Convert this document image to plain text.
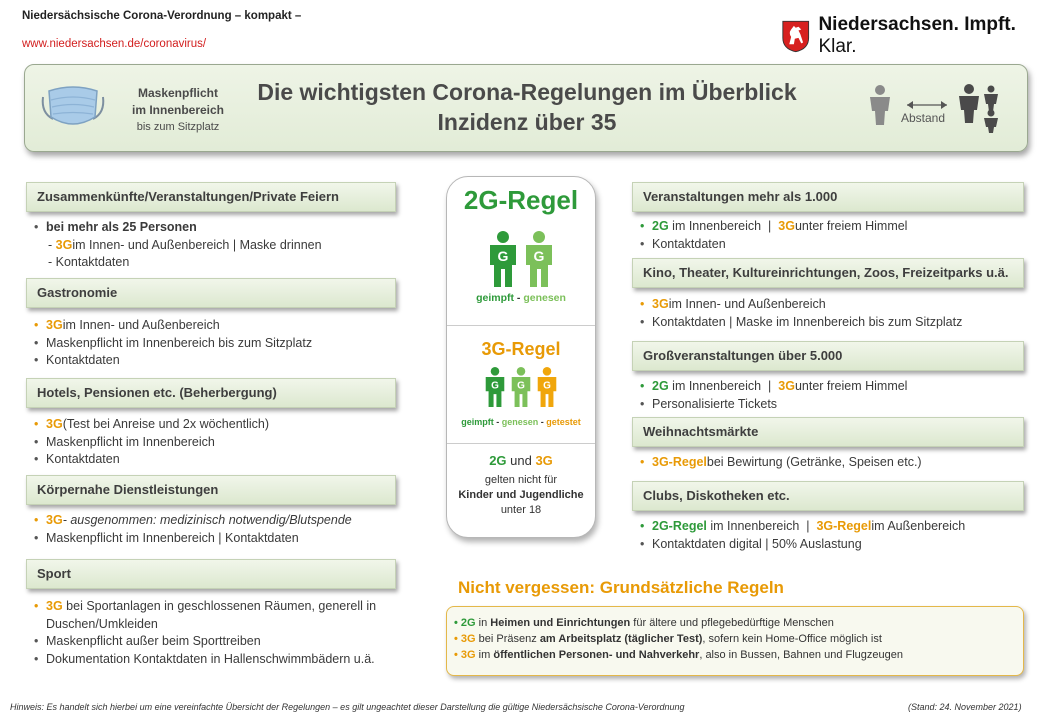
Niedersächsische Corona-Verordnung – kompakt –
www.niedersachsen.de/coronavirus/
Niedersachsen. Impft. Klar.
Maskenpflicht
im Innenbereich
bis zum Sitzplatz
Die wichtigsten Corona-Regelungen im Überblick
Inzidenz über 35	Abstand
Zusammenkünfte/Veranstaltungen/Private Feiern
• bei mehr als 25 Personen
- 3G im Innen- und Außenbereich | Maske drinnen
- Kontaktdaten
Gastronomie
• 3G im Innen- und Außenbereich
• Maskenpflicht im Innenbereich bis zum Sitzplatz
• Kontaktdaten
Hotels, Pensionen etc. (Beherbergung)
• 3G (Test bei Anreise und 2x wöchentlich)
• Maskenpflicht im Innenbereich
• Kontaktdaten
Körpernahe Dienstleistungen
• 3G - ausgenommen: medizinisch notwendig/Blutspende
• Maskenpflicht im Innenbereich | Kontaktdaten
Sport
• 3G bei Sportanlagen in geschlossenen Räumen, generell in
Duschen/Umkleiden
• Maskenpflicht außer beim Sporttreiben
• Dokumentation Kontaktdaten in Hallenschwimmbädern u.ä.
2G-Regel
G G
geimpft - genesen
3G-Regel
G G G
geimpft - genesen - getestet
2G und 3G
gelten nicht für
Kinder und Jugendliche
unter 18
Veranstaltungen mehr als 1.000
• 2G im Innenbereich  | 3G unter freiem Himmel
• Kontaktdaten
Kino, Theater, Kultureinrichtungen, Zoos, Freizeitparks u.ä.
• 3G im Innen- und Außenbereich
• Kontaktdaten | Maske im Innenbereich bis zum Sitzplatz
Großveranstaltungen über 5.000
• 2G im Innenbereich  | 3G unter freiem Himmel
• Personalisierte Tickets
Weihnachtsmärkte
• 3G-Regel bei Bewirtung (Getränke, Speisen etc.)
Clubs, Diskotheken etc.
• 2G-Regel im Innenbereich  | 3G-Regel im Außenbereich
• Kontaktdaten digital | 50% Auslastung
Nicht vergessen: Grundsätzliche Regeln
• 2G in Heimen und Einrichtungen für ältere und pflegebedürftige Menschen
• 3G bei Präsenz am Arbeitsplatz (täglicher Test), sofern kein Home-Office möglich ist
• 3G im öffentlichen Personen- und Nahverkehr, also in Bussen, Bahnen und Flugzeugen
Hinweis: Es handelt sich hierbei um eine vereinfachte Übersicht der Regelungen – es gilt ungeachtet dieser Darstellung die gültige Niedersächsische Corona-Verordnung	(Stand: 24. November 2021)
